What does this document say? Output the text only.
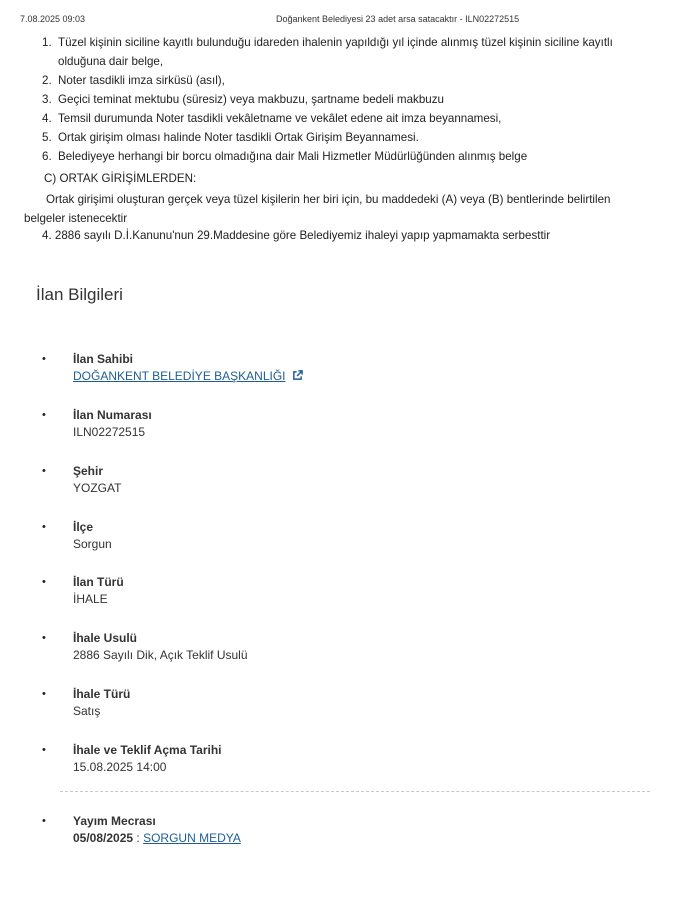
7.08.2025 09:03	Doğankent Belediyesi 23 adet arsa satacaktır - ILN02272515
1. Tüzel kişinin siciline kayıtlı bulunduğu idareden ihalenin yapıldığı yıl içinde alınmış tüzel kişinin siciline kayıtlı olduğuna dair belge,
2. Noter tasdikli imza sirküsü (asıl),
3. Geçici teminat mektubu (süresiz) veya makbuzu, şartname bedeli makbuzu
4. Temsil durumunda Noter tasdikli vekâletname ve vekâlet edene ait imza beyannamesi,
5. Ortak girişim olması halinde Noter tasdikli Ortak Girişim Beyannamesi.
6. Belediyeye herhangi bir borcu olmadığına dair Mali Hizmetler Müdürlüğünden alınmış belge
C) ORTAK GİRİŞİMLERDEN:
Ortak girişimi oluşturan gerçek veya tüzel kişilerin her biri için, bu maddedeki (A) veya (B) bentlerinde belirtilen belgeler istenecektir
4. 2886 sayılı D.İ.Kanunu'nun 29.Maddesine göre Belediyemiz ihaleyi yapıp yapmamakta serbesttir
İlan Bilgileri
• İlan Sahibi
DOĞANKENT BELEDİYE BAŞKANLIĞI
• İlan Numarası
ILN02272515
• Şehir
YOZGAT
• İlçe
Sorgun
• İlan Türü
İHALE
• İhale Usulü
2886 Sayılı Dik, Açık Teklif Usulü
• İhale Türü
Satış
• İhale ve Teklif Açma Tarihi
15.08.2025 14:00
• Yayım Mecrası
05/08/2025 : SORGUN MEDYA
